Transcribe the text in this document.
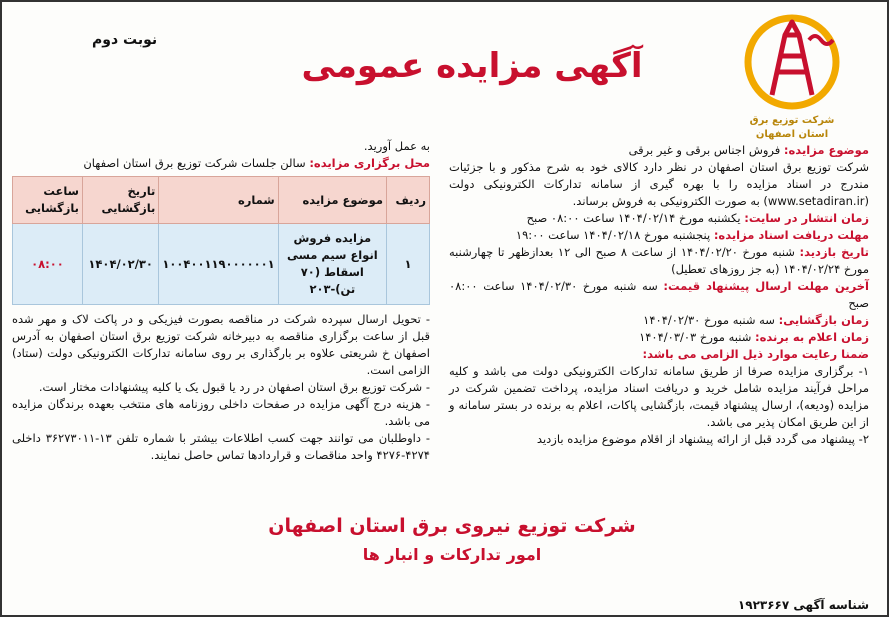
شرکت توزیع برق
استان اصفهان
نوبت دوم
آگهی مزایده عمومی

موضوع مزایده: فروش اجناس برقی و غیر برقی

شرکت توزیع برق استان اصفهان در نظر دارد کالای خود به شرح مذکور و با جزئیات مندرج در اسناد مزایده را با بهره گیری از سامانه تدارکات الکترونیکی دولت (www.setadiran.ir) به صورت الکترونیکی به فروش برساند.

زمان انتشار در سایت: یکشنبه مورخ ۱۴۰۴/۰۲/۱۴ ساعت ۰۸:۰۰ صبح

مهلت دریافت اسناد مزایده: پنجشنبه مورخ ۱۴۰۴/۰۲/۱۸ ساعت ۱۹:۰۰

تاریخ بازدید: شنبه مورخ ۱۴۰۴/۰۲/۲۰ از ساعت ۸ صبح الی ۱۲ بعدازظهر تا چهارشنبه مورخ ۱۴۰۴/۰۲/۲۴ (به جز روزهای تعطیل)

آخرین مهلت ارسال پیشنهاد قیمت: سه شنبه مورخ ۱۴۰۴/۰۲/۳۰ ساعت ۰۸:۰۰ صبح

زمان بازگشایی: سه شنبه مورخ ۱۴۰۴/۰۲/۳۰

زمان اعلام به برنده: شنبه مورخ ۱۴۰۴/۰۳/۰۳

ضمنا رعایت موارد ذیل الزامی می باشد:

۱- برگزاری مزایده صرفا از طریق سامانه تدارکات الکترونیکی دولت می باشد و کلیه مراحل فرآیند مزایده شامل خرید و دریافت اسناد مزایده، پرداخت تضمین شرکت در مزایده (ودیعه)، ارسال پیشنهاد قیمت، بازگشایی پاکات، اعلام به برنده در بستر سامانه و از این طریق امکان پذیر می باشد.

۲- پیشنهاد می گردد قبل از ارائه پیشنهاد از اقلام موضوع مزایده بازدید

به عمل آورید.

محل برگزاری مزایده: سالن جلسات شرکت توزیع برق استان اصفهان

ردیف	موضوع مزایده	شماره	تاریخ بازگشایی	ساعت بازگشایی
۱	مزایده فروش انواع سیم مسی اسقاط (۷۰ تن)-۲۰۳	۱۰۰۴۰۰۱۱۹۰۰۰۰۰۰۱	۱۴۰۴/۰۲/۳۰	۰۸:۰۰

- تحویل ارسال سپرده شرکت در مناقصه بصورت فیزیکی و در پاکت لاک و مهر شده قبل از ساعت برگزاری مناقصه به دبیرخانه شرکت توزیع برق استان اصفهان به آدرس اصفهان خ شریعتی علاوه بر بارگذاری بر روی سامانه تدارکات الکترونیکی دولت (ستاد) الزامی است.

- شرکت توزیع برق استان اصفهان در رد یا قبول یک یا کلیه پیشنهادات مختار است.

- هزینه درج آگهی مزایده در صفحات داخلی روزنامه های منتخب بعهده برندگان مزایده می باشد.

- داوطلبان می توانند جهت کسب اطلاعات بیشتر با شماره تلفن ۱۳-۳۶۲۷۳۰۱۱ داخلی ۴۲۷۴-۴۲۷۶ واحد مناقصات و قراردادها تماس حاصل نمایند.

شرکت توزیع نیروی برق استان اصفهان
امور تدارکات و انبار ها
شناسه آگهی ۱۹۲۳۶۶۷
